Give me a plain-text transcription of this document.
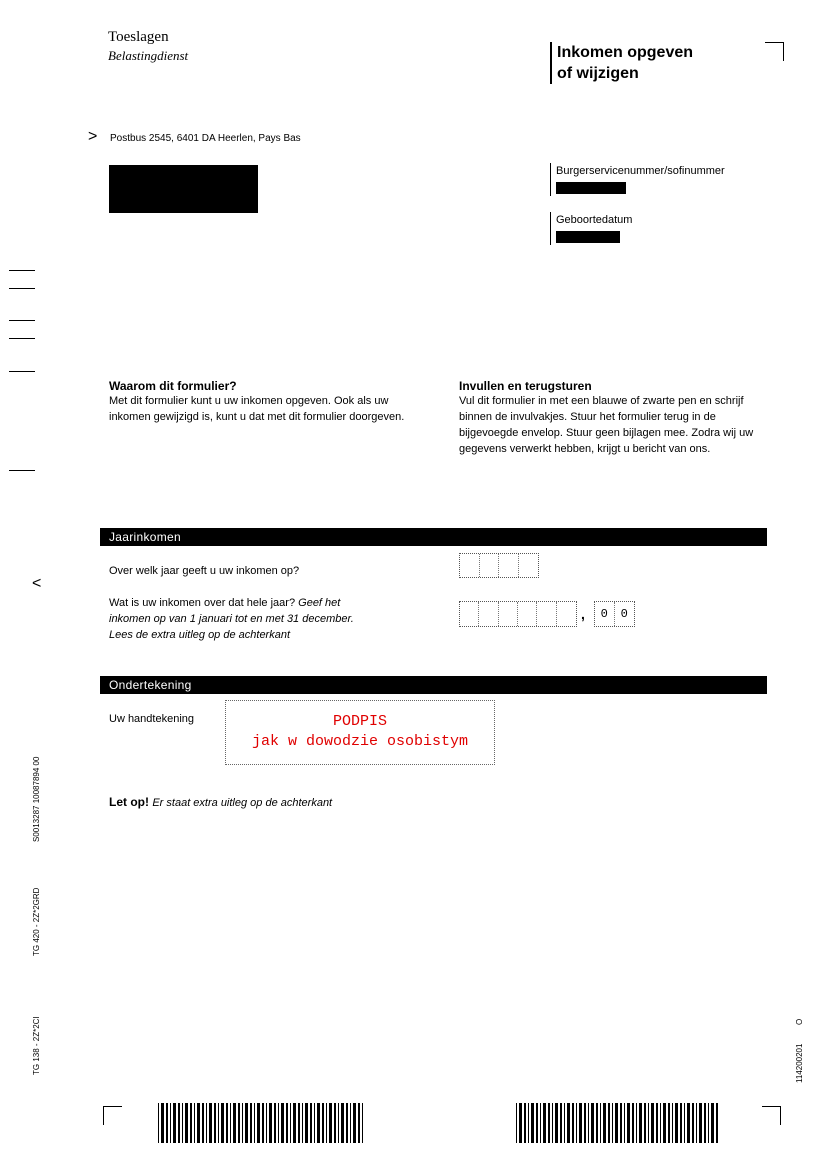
Toeslagen
Belastingdienst	Inkomen opgeven
of wijzigen
> Postbus 2545, 6401 DA Heerlen, Pays Bas
Burgerservicenummer/sofinummer
Geboortedatum
<
Waarom dit formulier?
Met dit formulier kunt u uw inkomen opgeven. Ook als uw inkomen gewijzigd is, kunt u dat met dit formulier doorgeven.
Invullen en terugsturen
Vul dit formulier in met een blauwe of zwarte pen en schrijf binnen de invulvakjes. Stuur het formulier terug in de bijgevoegde envelop. Stuur geen bijlagen mee. Zodra wij uw gegevens verwerkt hebben, krijgt u bericht van ons.
Jaarinkomen
Over welk jaar geeft u uw inkomen op?
Wat is uw inkomen over dat hele jaar? Geef het
inkomen op van 1 januari tot en met 31 december.
Lees de extra uitleg op de achterkant
,	0	0
Ondertekening
Uw handtekening	PODPIS
jak w dowodzie osobistym
Let op! Er staat extra uitleg op de achterkant
S0013287 10087894 00
TG 420 - 2Z*2GRD
TG 138 - 2Z*2CI	114200201
O
